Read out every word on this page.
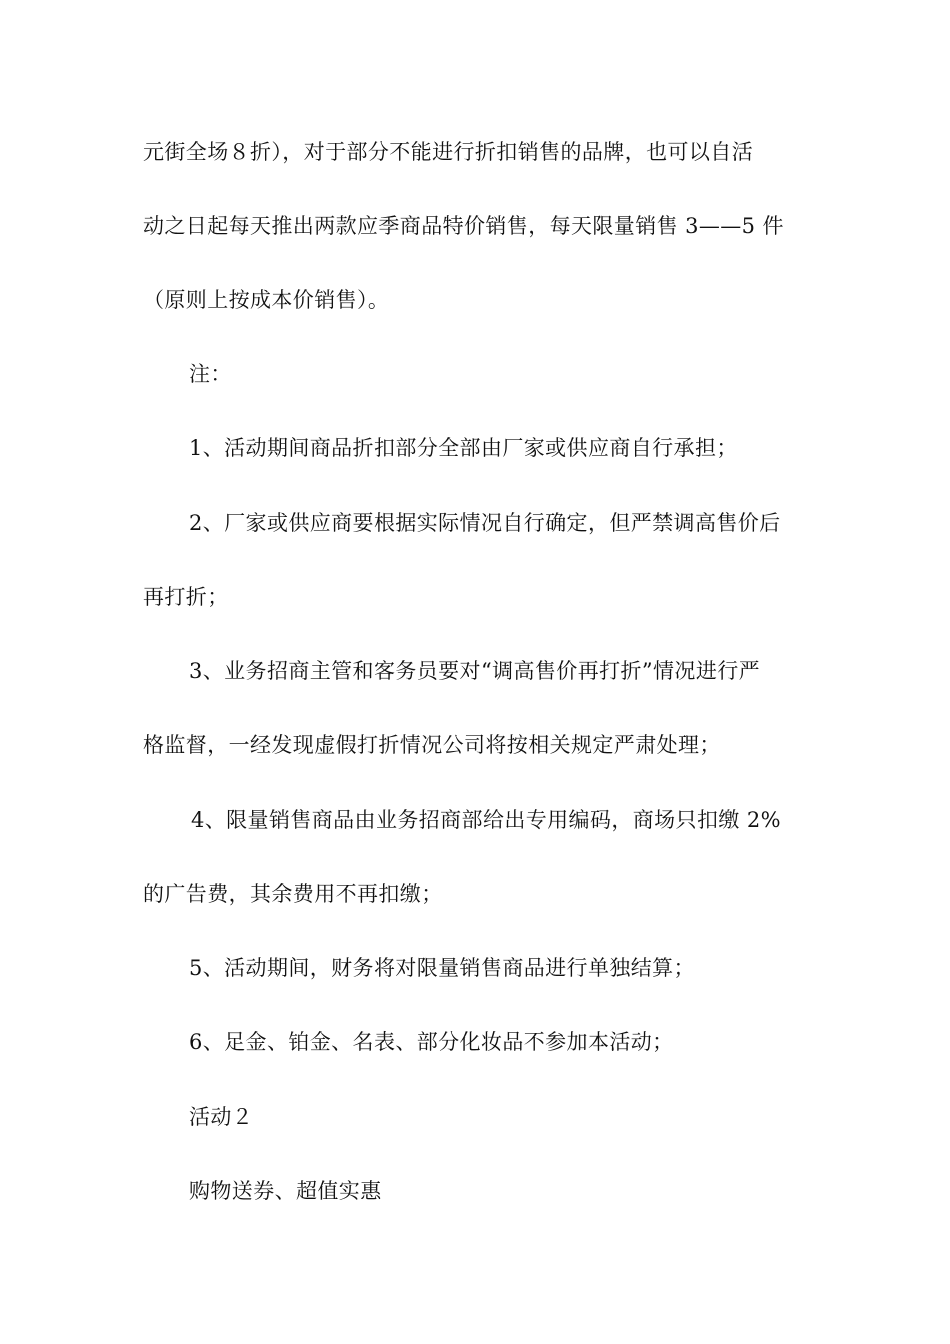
元街全场８折），对于部分不能进行折扣销售的品牌，也可以自活
动之日起每天推出两款应季商品特价销售，每天限量销售 3——5 件
（原则上按成本价销售）。
注：
1、活动期间商品折扣部分全部由厂家或供应商自行承担；
2、厂家或供应商要根据实际情况自行确定，但严禁调高售价后
再打折；
3、业务招商主管和客务员要对“调高售价再打折”情况进行严
格监督，一经发现虚假打折情况公司将按相关规定严肃处理；
4、限量销售商品由业务招商部给出专用编码，商场只扣缴 2%
的广告费，其余费用不再扣缴；
5、活动期间，财务将对限量销售商品进行单独结算；
6、足金、铂金、名表、部分化妆品不参加本活动；
活动２
购物送券、超值实惠
